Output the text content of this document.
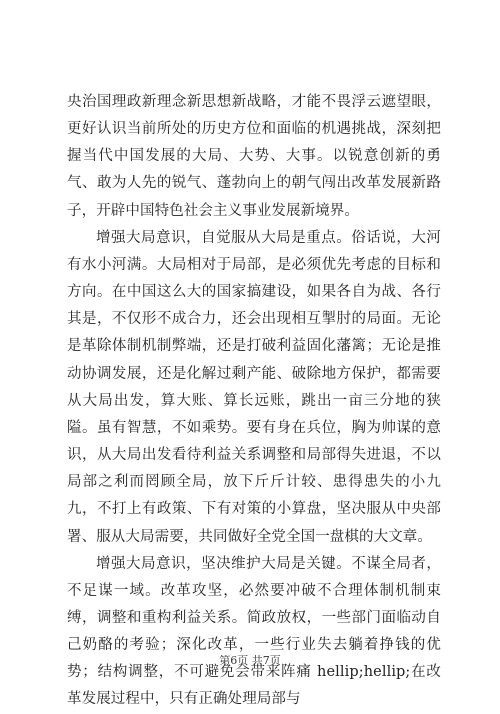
央治国理政新理念新思想新战略，才能不畏浮云遮望眼，更好认识当前所处的历史方位和面临的机遇挑战，深刻把握当代中国发展的大局、大势、大事。以锐意创新的勇气、敢为人先的锐气、蓬勃向上的朝气闯出改革发展新路子，开辟中国特色社会主义事业发展新境界。

增强大局意识，自觉服从大局是重点。俗话说，大河有水小河满。大局相对于局部，是必须优先考虑的目标和方向。在中国这么大的国家搞建设，如果各自为战、各行其是，不仅形不成合力，还会出现相互掣肘的局面。无论是革除体制机制弊端，还是打破利益固化藩篱；无论是推动协调发展，还是化解过剩产能、破除地方保护，都需要从大局出发，算大账、算长远账，跳出一亩三分地的狭隘。虽有智慧，不如乘势。要有身在兵位，胸为帅谋的意识，从大局出发看待利益关系调整和局部得失进退，不以局部之利而罔顾全局，放下斤斤计较、患得患失的小九九，不打上有政策、下有对策的小算盘，坚决服从中央部署、服从大局需要，共同做好全党全国一盘棋的大文章。

增强大局意识，坚决维护大局是关键。不谋全局者，不足谋一域。改革攻坚，必然要冲破不合理体制机制束缚，调整和重构利益关系。简政放权，一些部门面临动自己奶酪的考验；深化改革，一些行业失去躺着挣钱的优势；结构调整，不可避免会带来阵痛 hellip;hellip;在改革发展过程中，只有正确处理局部与

第6页 共7页
